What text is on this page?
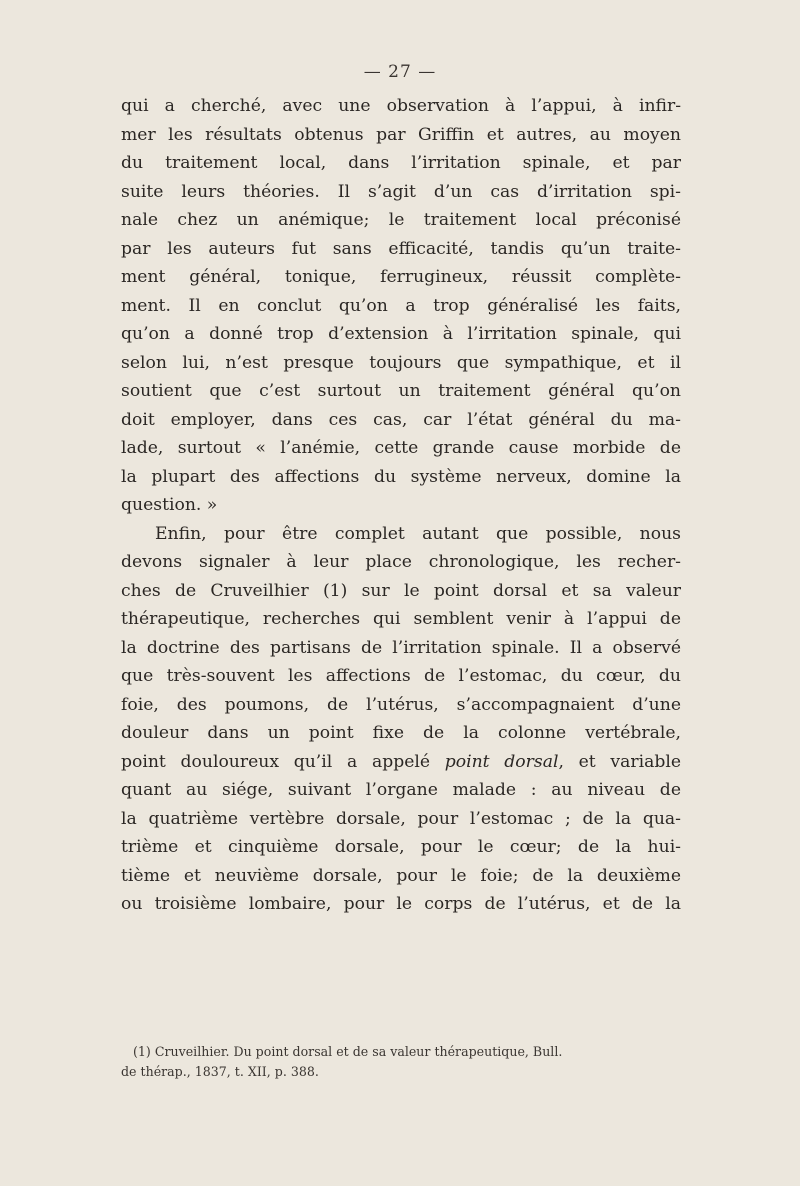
— 27 —
qui a cherché, avec une observation à l’appui, à infir-
mer les résultats obtenus par Griffin et autres, au moyen
du traitement local, dans l’irritation spinale, et par
suite leurs théories. Il s’agit d’un cas d’irritation spi-
nale chez un anémique; le traitement local préconisé
par les auteurs fut sans efficacité, tandis qu’un traite-
ment général, tonique, ferrugineux, réussit complète-
ment. Il en conclut qu’on a trop généralisé les faits,
qu’on a donné trop d’extension à l’irritation spinale, qui
selon lui, n’est presque toujours que sympathique, et il
soutient que c’est surtout un traitement général qu’on
doit employer, dans ces cas, car l’état général du ma-
lade, surtout « l’anémie, cette grande cause morbide de
la plupart des affections du système nerveux, domine la
question. »
Enfin, pour être complet autant que possible, nous
devons signaler à leur place chronologique, les recher-
ches de Cruveilhier (1) sur le point dorsal et sa valeur
thérapeutique, recherches qui semblent venir à l’appui de
la doctrine des partisans de l’irritation spinale. Il a observé
que très-souvent les affections de l’estomac, du cœur, du
foie, des poumons, de l’utérus, s’accompagnaient d’une
douleur dans un point fixe de la colonne vertébrale,
point douloureux qu’il a appelé point dorsal, et variable
quant au siége, suivant l’organe malade : au niveau de
la quatrième vertèbre dorsale, pour l’estomac ; de la qua-
trième et cinquième dorsale, pour le cœur; de la hui-
tième et neuvième dorsale, pour le foie; de la deuxième
ou troisième lombaire, pour le corps de l’utérus, et de la
(1) Cruveilhier. Du point dorsal et de sa valeur thérapeutique, Bull.
de thérap., 1837, t. XII, p. 388.
